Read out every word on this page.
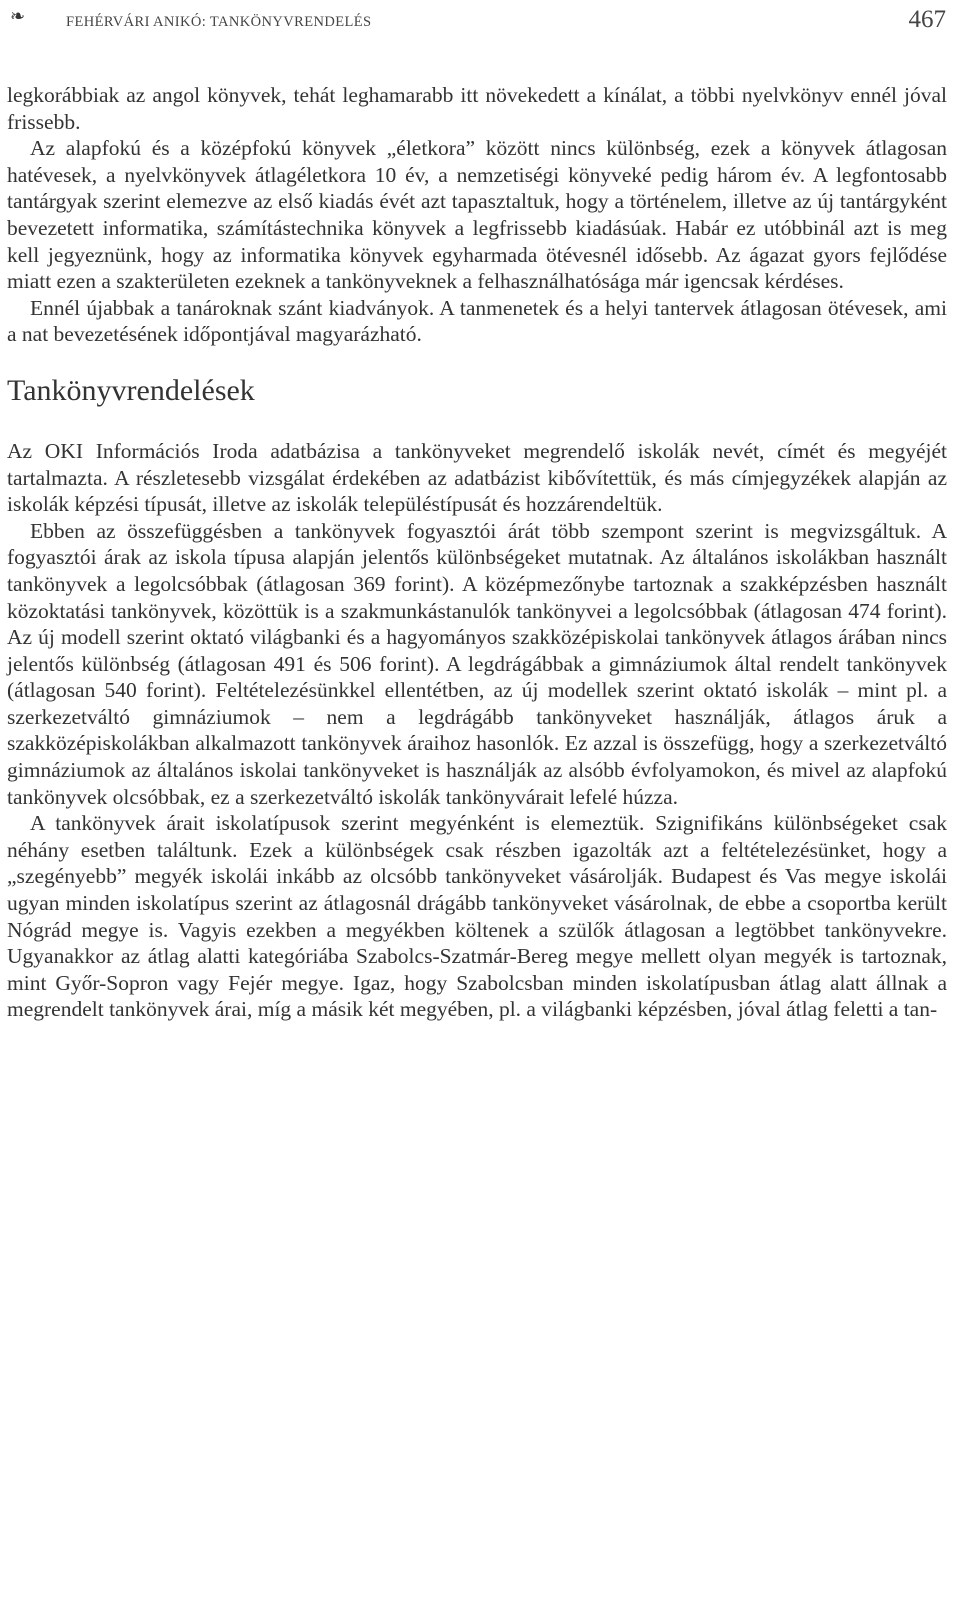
❧	FEHÉRVÁRI ANIKÓ: TANKÖNYVRENDELÉS	467

legkorábbiak az angol könyvek, tehát leghamarabb itt növekedett a kínálat, a többi nyelvkönyv ennél jóval frissebb.

Az alapfokú és a középfokú könyvek „életkora” között nincs különbség, ezek a könyvek átlagosan hatévesek, a nyelvkönyvek átlagéletkora 10 év, a nemzetiségi könyveké pedig három év. A legfontosabb tantárgyak szerint elemezve az első kiadás évét azt tapasztaltuk, hogy a történelem, illetve az új tantárgyként bevezetett informatika, számítástechnika könyvek a legfrissebb kiadásúak. Habár ez utóbbinál azt is meg kell jegyeznünk, hogy az informatika könyvek egyharmada ötévesnél idősebb. Az ágazat gyors fejlődése miatt ezen a szakterületen ezeknek a tankönyveknek a felhasználhatósága már igencsak kérdéses.

Ennél újabbak a tanároknak szánt kiadványok. A tanmenetek és a helyi tantervek átlagosan ötévesek, ami a nat bevezetésének időpontjával magyarázható.

Tankönyvrendelések

Az OKI Információs Iroda adatbázisa a tankönyveket megrendelő iskolák nevét, címét és megyéjét tartalmazta. A részletesebb vizsgálat érdekében az adatbázist kibővítettük, és más címjegyzékek alapján az iskolák képzési típusát, illetve az iskolák településtípusát és hozzárendeltük.

Ebben az összefüggésben a tankönyvek fogyasztói árát több szempont szerint is megvizsgáltuk. A fogyasztói árak az iskola típusa alapján jelentős különbségeket mutatnak. Az általános iskolákban használt tankönyvek a legolcsóbbak (átlagosan 369 forint). A középmezőnybe tartoznak a szakképzésben használt közoktatási tankönyvek, közöttük is a szakmunkástanulók tankönyvei a legolcsóbbak (átlagosan 474 forint). Az új modell szerint oktató világbanki és a hagyományos szakközépiskolai tankönyvek átlagos árában nincs jelentős különbség (átlagosan 491 és 506 forint). A legdrágábbak a gimnáziumok által rendelt tankönyvek (átlagosan 540 forint). Feltételezésünkkel ellentétben, az új modellek szerint oktató iskolák – mint pl. a szerkezetváltó gimnáziumok – nem a legdrágább tankönyveket használják, átlagos áruk a szakközépiskolákban alkalmazott tankönyvek áraihoz hasonlók. Ez azzal is összefügg, hogy a szerkezetváltó gimnáziumok az általános iskolai tankönyveket is használják az alsóbb évfolyamokon, és mivel az alapfokú tankönyvek olcsóbbak, ez a szerkezetváltó iskolák tankönyvárait lefelé húzza.

A tankönyvek árait iskolatípusok szerint megyénként is elemeztük. Szignifikáns különbségeket csak néhány esetben találtunk. Ezek a különbségek csak részben igazolták azt a feltételezésünket, hogy a „szegényebb” megyék iskolái inkább az olcsóbb tankönyveket vásárolják. Budapest és Vas megye iskolái ugyan minden iskolatípus szerint az átlagosnál drágább tankönyveket vásárolnak, de ebbe a csoportba került Nógrád megye is. Vagyis ezekben a megyékben költenek a szülők átlagosan a legtöbbet tankönyvekre. Ugyanakkor az átlag alatti kategóriába Szabolcs-Szatmár-Bereg megye mellett olyan megyék is tartoznak, mint Győr-Sopron vagy Fejér megye. Igaz, hogy Szabolcsban minden iskolatípusban átlag alatt állnak a megrendelt tankönyvek árai, míg a másik két megyében, pl. a világbanki képzésben, jóval átlag feletti a tan-
